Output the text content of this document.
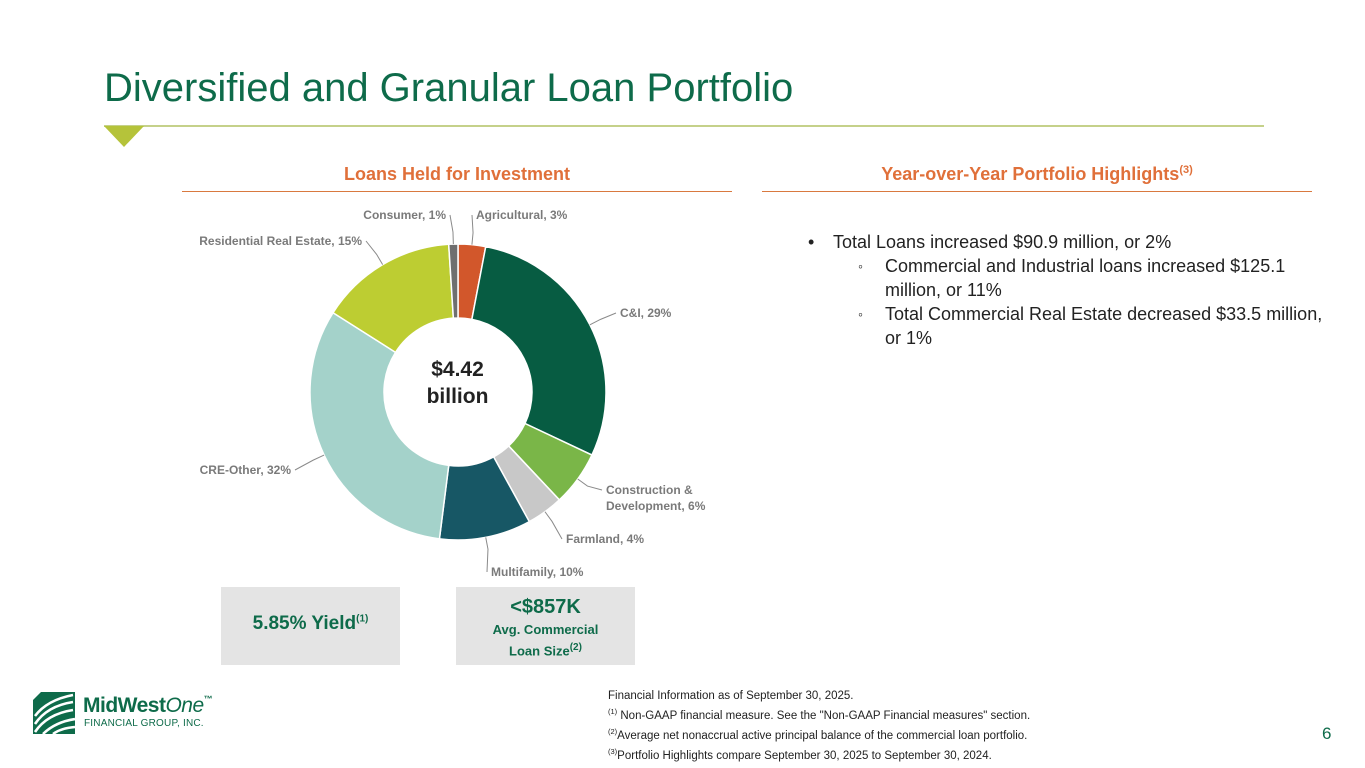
Diversified and Granular Loan Portfolio
Loans Held for Investment	Year-over-Year Portfolio Highlights$^{(3)}$
Agricultural, 3%
C&I, 29%
Construction & Development, 6%
Farmland, 4%
Multifamily, 10%
CRE-Other, 32%
Residential Real Estate, 15%
Consumer, 1%
$4.42
billion
• Total Loans increased $90.9 million, or 2%
◦ Commercial and Industrial loans increased $125.1 million, or 11%
◦ Total Commercial Real Estate decreased $33.5 million, or 1%
5.85% Yield$^{(1)}$
<$857K
Avg. Commercial
Loan Size$^{(2)}$
MidWestOne™
FINANCIAL GROUP, INC.
Financial Information as of September 30, 2025.
$^{(1)}$ Non-GAAP financial measure. See the "Non-GAAP Financial measures" section.
$^{(2)}$Average net nonaccrual active principal balance of the commercial loan portfolio.
$^{(3)}$Portfolio Highlights compare September 30, 2025 to September 30, 2024.
6
